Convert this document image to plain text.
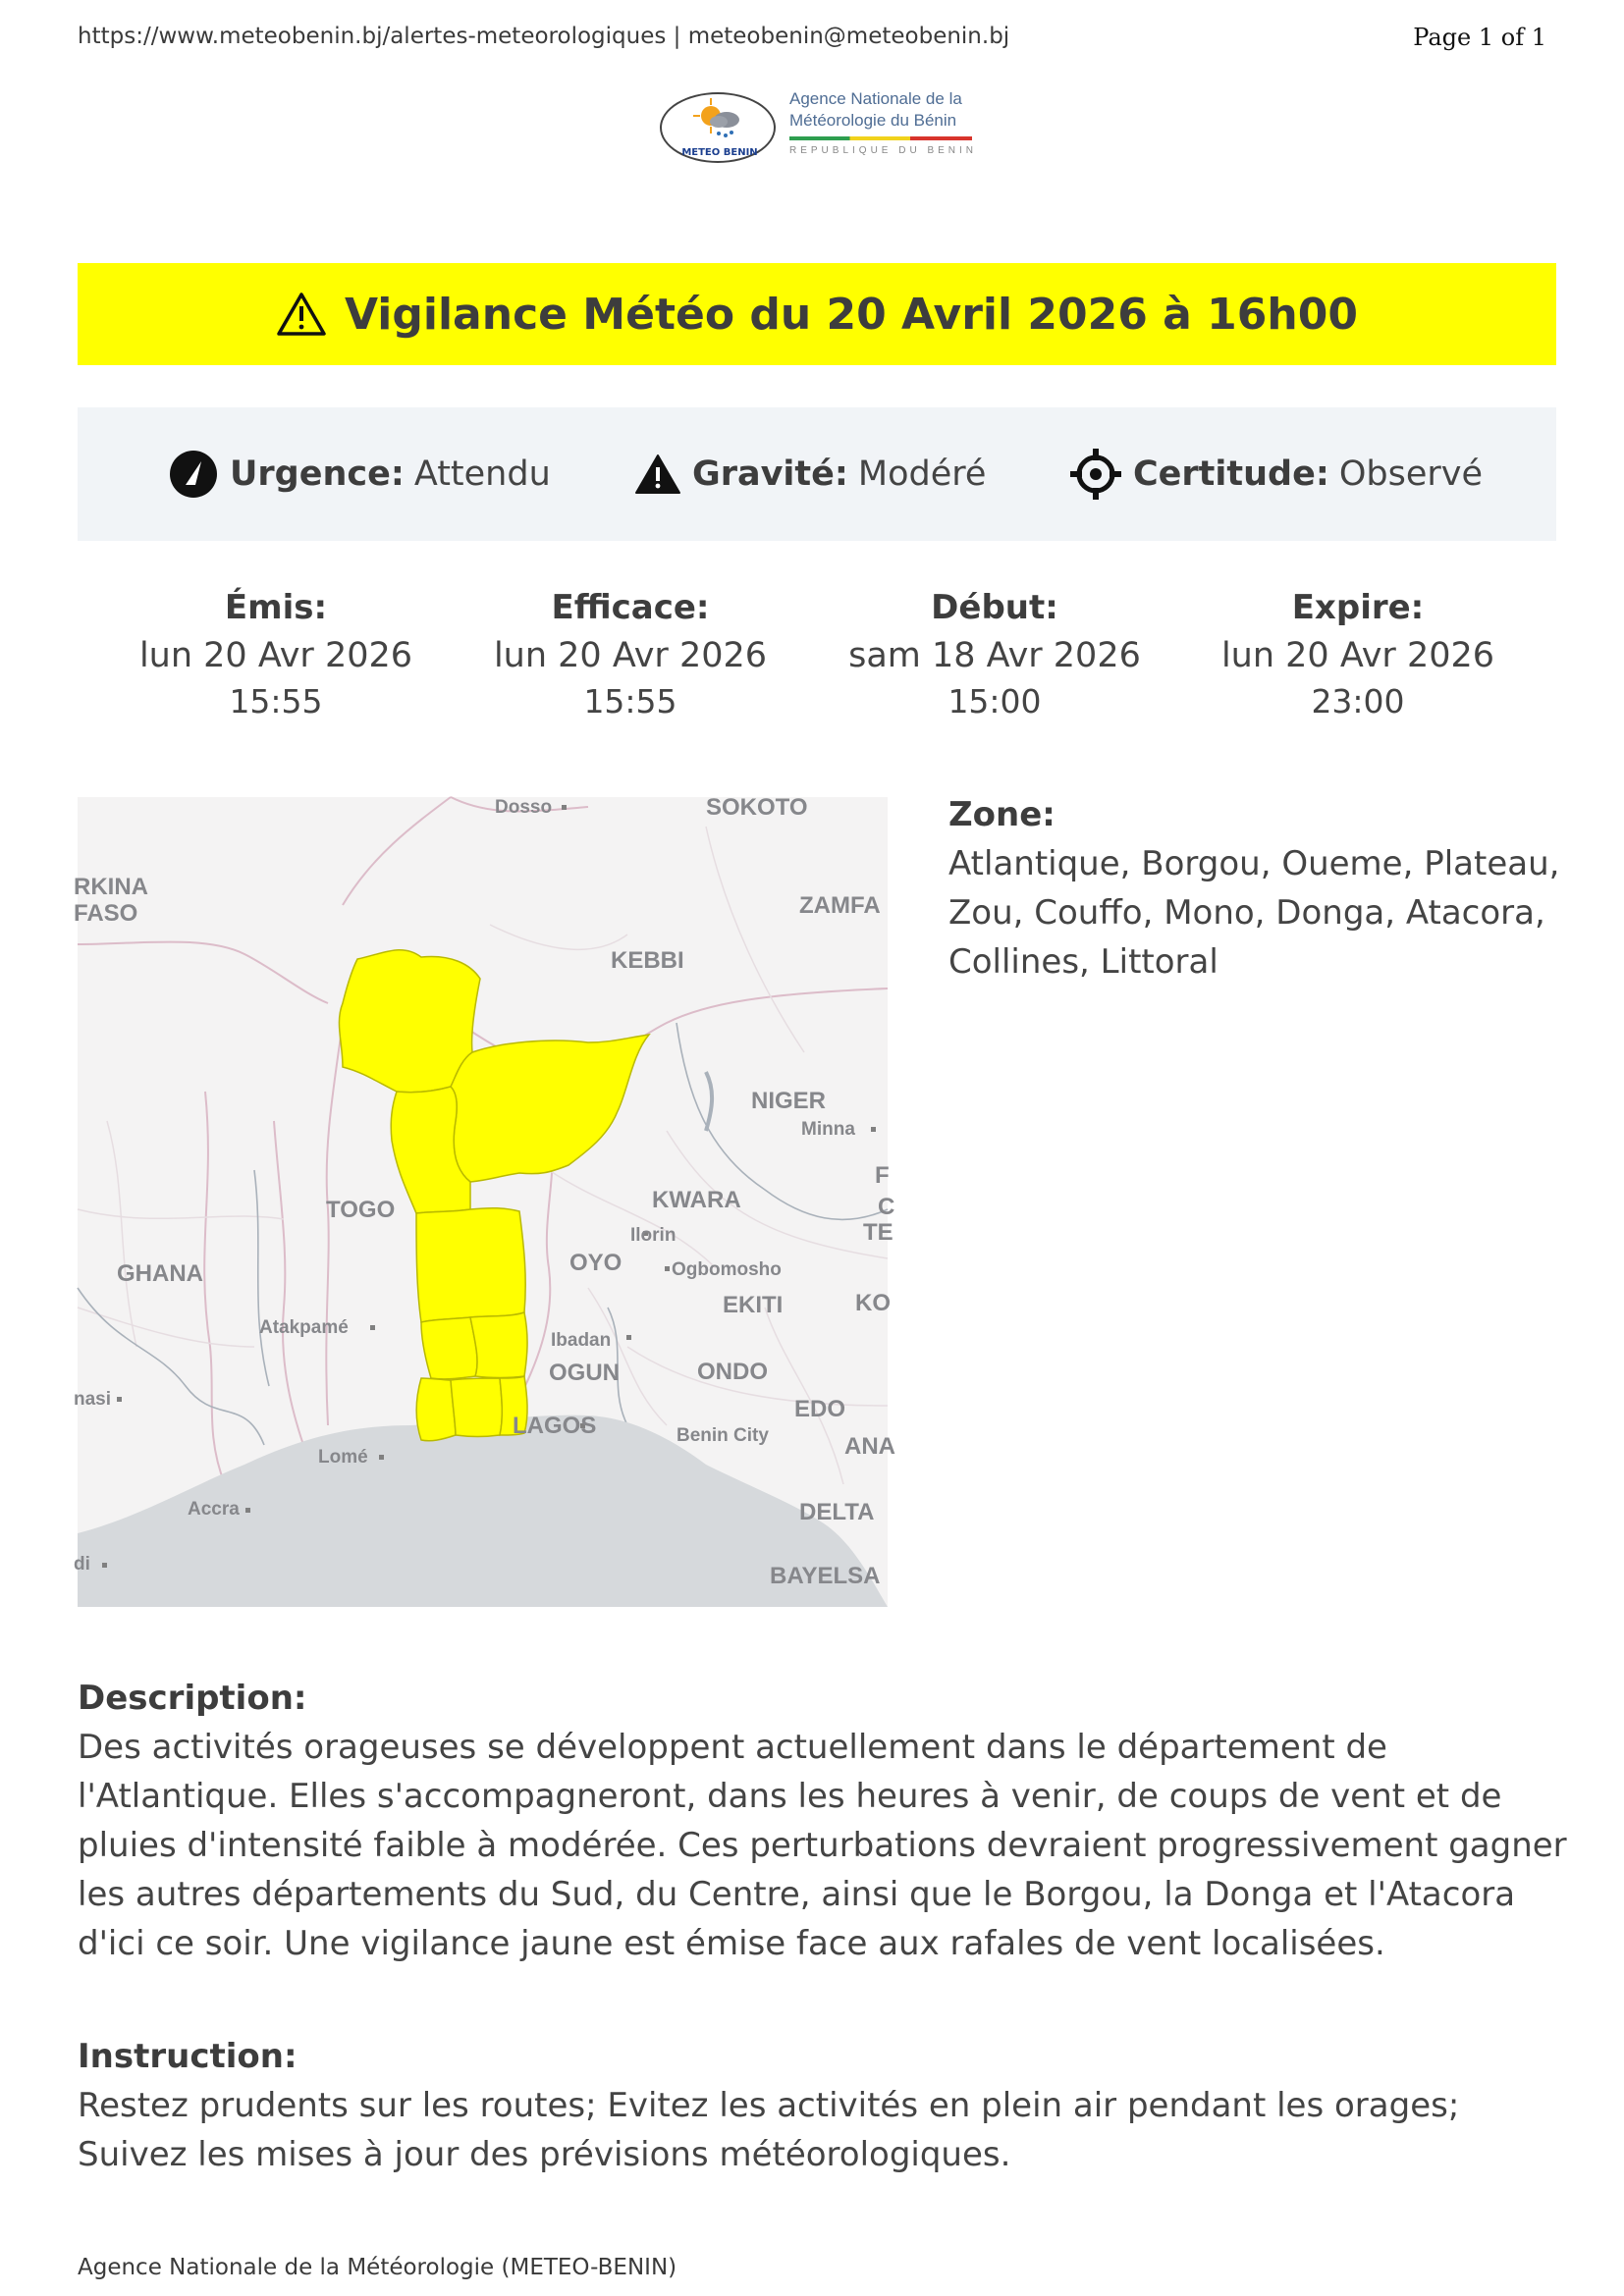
https://www.meteobenin.bj/alertes-meteorologiques | meteobenin@meteobenin.bj	Page 1 of 1
METEO BENIN
Agence Nationale de la
Météorologie du Bénin
REPUBLIQUE DU BENIN
Vigilance Météo du 20 Avril 2026 à 16h00
Urgence: Attendu	Gravité: Modéré	Certitude: Observé
Émis:
lun 20 Avr 2026
15:55
Efficace:
lun 20 Avr 2026
15:55
Début:
sam 18 Avr 2026
15:00
Expire:
lun 20 Avr 2026
23:00
Dosso	SOKOTO
RKINA
FASO	ZAMFA
KEBBI
NIGER
Minna
TOGO	KWARA
Ilorin
OYO	Ogbomosho
GHANA
EKITI	KO
Atakpamé
Ibadan
OGUN	ONDO
nasi	EDO
LAGOS	Benin City	ANA
Lomé
Accra	DELTA
di	BAYELSA
F
C
TE
Zone:
Atlantique, Borgou, Oueme, Plateau, Zou, Couffo, Mono, Donga, Atacora, Collines, Littoral
Description:
Des activités orageuses se développent actuellement dans le département de l'Atlantique. Elles s'accompagneront, dans les heures à venir, de coups de vent et de pluies d'intensité faible à modérée. Ces perturbations devraient progressivement gagner les autres départements du Sud, du Centre, ainsi que le Borgou, la Donga et l'Atacora d'ici ce soir. Une vigilance jaune est émise face aux rafales de vent localisées.
Instruction:
Restez prudents sur les routes; Evitez les activités en plein air pendant les orages; Suivez les mises à jour des prévisions météorologiques.
Agence Nationale de la Météorologie (METEO-BENIN)
